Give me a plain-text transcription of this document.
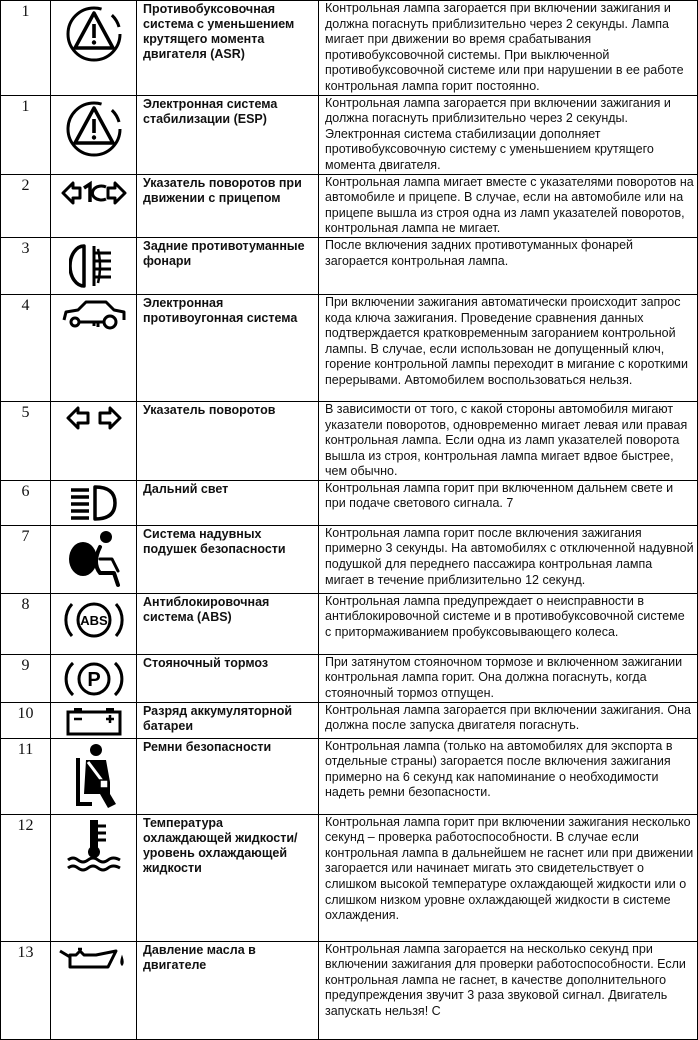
1		Противобуксовочная система с уменьшением крутящего момента двигателя (ASR)	Контрольная лампа загорается при включении зажигания и должна погаснуть приблизительно через 2 секунды. Лампа мигает при движении во время срабатывания противобуксовочной системы. При выключенной противобуксовочной системе или при нарушении в ее работе контрольная лампа горит постоянно.
1		Электронная система стабилизации (ESP)	Контрольная лампа загорается при включении зажигания и должна погаснуть приблизительно через 2 секунды. Электронная система стабилизации дополняет противобуксовочную систему с уменьшением крутящего момента двигателя.
2		Указатель поворотов при движении с прицепом	Контрольная лампа мигает вместе с указателями поворотов на автомобиле и прицепе. В случае, если на автомобиле или на прицепе вышла из строя одна из ламп указателей поворотов, контрольная лампа не мигает.
3		Задние противотуманные фонари	После включения задних противотуманных фонарей загорается контрольная лампа.
4		Электронная противоугонная система	При включении зажигания автоматически происходит запрос кода ключа зажигания. Проведение сравнения данных подтверждается кратковременным загоранием контрольной лампы. В случае, если использован не допущенный ключ, горение контрольной лампы переходит в мигание с короткими перерывами. Автомобилем воспользоваться нельзя.
5		Указатель поворотов	В зависимости от того, с какой стороны автомобиля мигают указатели поворотов, одновременно мигает левая или правая контрольная лампа. Если одна из ламп указателей поворота вышла из строя, контрольная лампа мигает вдвое быстрее, чем обычно.
6		Дальний свет	Контрольная лампа горит при включенном дальнем свете и при подаче светового сигнала. 7
7		Система надувных подушек безопасности	Контрольная лампа горит после включения зажигания примерно 3 секунды. На автомобилях с отключенной надувной подушкой для переднего пассажира контрольная лампа мигает в течение приблизительно 12 секунд.
8	ABS	Антиблокировочная система (ABS)	Контрольная лампа предупреждает о неисправности в антиблокировочной системе и в противобуксовочной системе с притормаживанием пробуксовывающего колеса.
9	P	Стояночный тормоз	При затянутом стояночном тормозе и включенном зажигании контрольная лампа горит. Она должна погаснуть, когда стояночный тормоз отпущен.
10		Разряд аккумуляторной батареи	Контрольная лампа загорается при включении зажигания. Она должна после запуска двигателя погаснуть.
11		Ремни безопасности	Контрольная лампа (только на автомобилях для экспорта в отдельные страны) загорается после включения зажигания примерно на 6 секунд как напоминание о необходимости надеть ремни безопасности.
12		Температура охлаждающей жидкости/уровень охлаждающей жидкости	Контрольная лампа горит при включении зажигания несколько секунд – проверка работоспособности. В случае если контрольная лампа в дальнейшем не гаснет или при движении загорается или начинает мигать это свидетельствует о слишком высокой температуре охлаждающей жидкости или о слишком низком уровне охлаждающей жидкости в системе охлаждения.
13		Давление масла в двигателе	Контрольная лампа загорается на несколько секунд при включении зажигания для проверки работоспособности. Если контрольная лампа не гаснет, в качестве дополнительного предупреждения звучит 3 раза звуковой сигнал. Двигатель запускать нельзя! С
